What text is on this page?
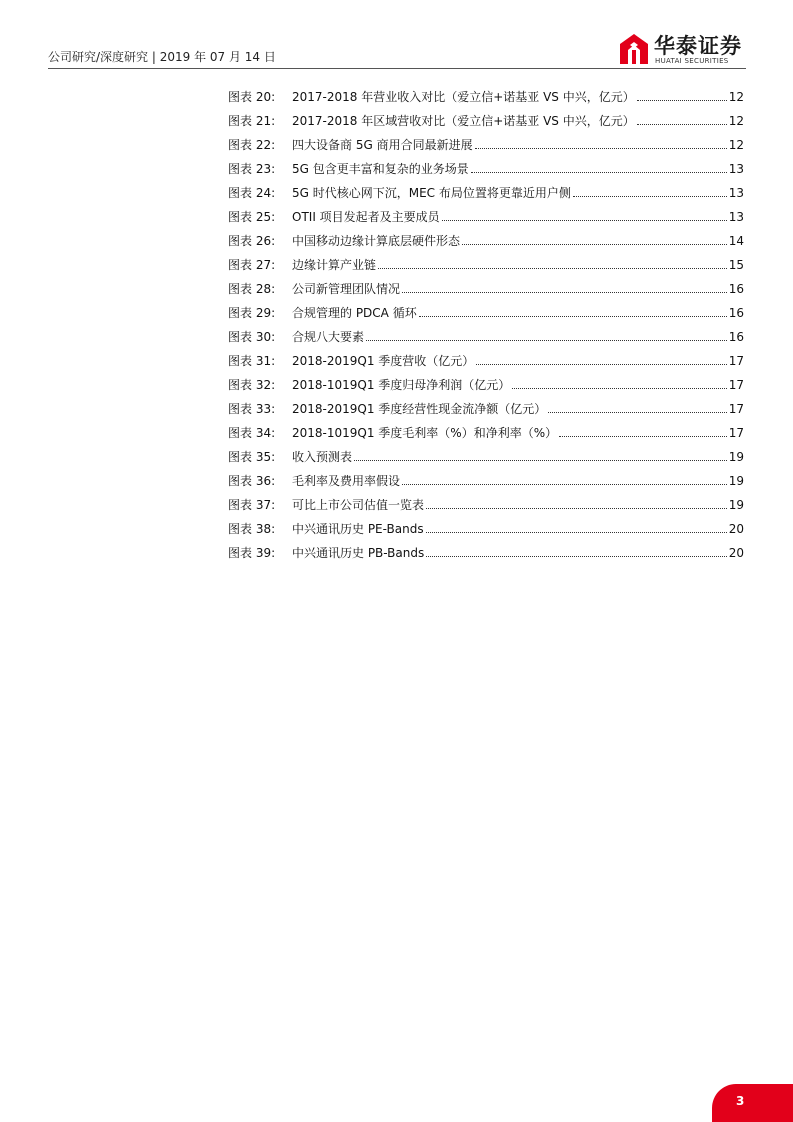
公司研究/深度研究 | 2019 年 07 月 14 日	华泰证券
HUATAI SECURITIES
图表 20:	2017-2018 年营业收入对比（爱立信+诺基亚 VS 中兴，亿元）	12
图表 21:	2017-2018 年区域营收对比（爱立信+诺基亚 VS 中兴，亿元）	12
图表 22:	四大设备商 5G 商用合同最新进展	12
图表 23:	5G 包含更丰富和复杂的业务场景	13
图表 24:	5G 时代核心网下沉，MEC 布局位置将更靠近用户侧	13
图表 25:	OTII 项目发起者及主要成员	13
图表 26:	中国移动边缘计算底层硬件形态	14
图表 27:	边缘计算产业链	15
图表 28:	公司新管理团队情况	16
图表 29:	合规管理的 PDCA 循环	16
图表 30:	合规八大要素	16
图表 31:	2018-2019Q1 季度营收（亿元）	17
图表 32:	2018-1019Q1 季度归母净利润（亿元）	17
图表 33:	2018-2019Q1 季度经营性现金流净额（亿元）	17
图表 34:	2018-1019Q1 季度毛利率（%）和净利率（%）	17
图表 35:	收入预测表	19
图表 36:	毛利率及费用率假设	19
图表 37:	可比上市公司估值一览表	19
图表 38:	中兴通讯历史 PE-Bands	20
图表 39:	中兴通讯历史 PB-Bands	20
3
